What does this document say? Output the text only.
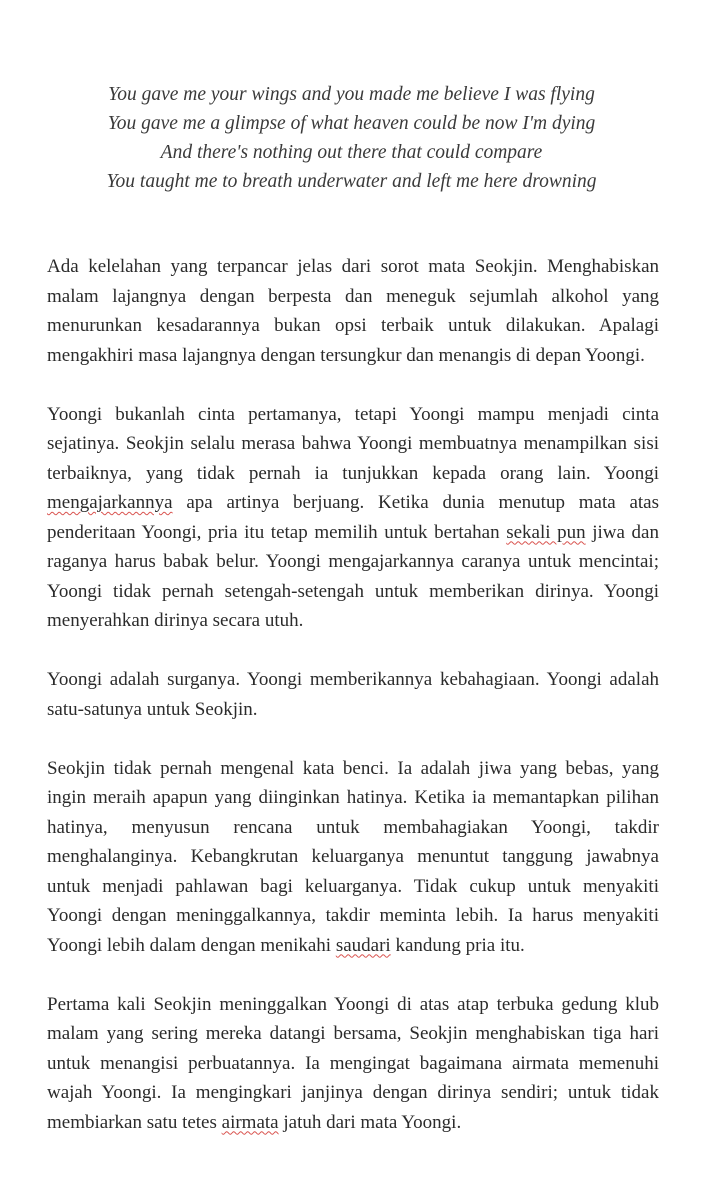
You gave me your wings and you made me believe I was flying
You gave me a glimpse of what heaven could be now I'm dying
And there's nothing out there that could compare
You taught me to breath underwater and left me here drowning

Ada kelelahan yang terpancar jelas dari sorot mata Seokjin. Menghabiskan malam lajangnya dengan berpesta dan meneguk sejumlah alkohol yang menurunkan kesadarannya bukan opsi terbaik untuk dilakukan. Apalagi mengakhiri masa lajangnya dengan tersungkur dan menangis di depan Yoongi.

Yoongi bukanlah cinta pertamanya, tetapi Yoongi mampu menjadi cinta sejatinya. Seokjin selalu merasa bahwa Yoongi membuatnya menampilkan sisi terbaiknya, yang tidak pernah ia tunjukkan kepada orang lain. Yoongi mengajarkannya apa artinya berjuang. Ketika dunia menutup mata atas penderitaan Yoongi, pria itu tetap memilih untuk bertahan sekali pun jiwa dan raganya harus babak belur. Yoongi mengajarkannya caranya untuk mencintai; Yoongi tidak pernah setengah-setengah untuk memberikan dirinya. Yoongi menyerahkan dirinya secara utuh.

Yoongi adalah surganya. Yoongi memberikannya kebahagiaan. Yoongi adalah satu-satunya untuk Seokjin.

Seokjin tidak pernah mengenal kata benci. Ia adalah jiwa yang bebas, yang ingin meraih apapun yang diinginkan hatinya. Ketika ia memantapkan pilihan hatinya, menyusun rencana untuk membahagiakan Yoongi, takdir menghalanginya. Kebangkrutan keluarganya menuntut tanggung jawabnya untuk menjadi pahlawan bagi keluarganya. Tidak cukup untuk menyakiti Yoongi dengan meninggalkannya, takdir meminta lebih. Ia harus menyakiti Yoongi lebih dalam dengan menikahi saudari kandung pria itu.

Pertama kali Seokjin meninggalkan Yoongi di atas atap terbuka gedung klub malam yang sering mereka datangi bersama, Seokjin menghabiskan tiga hari untuk menangisi perbuatannya. Ia mengingat bagaimana airmata memenuhi wajah Yoongi. Ia mengingkari janjinya dengan dirinya sendiri; untuk tidak membiarkan satu tetes airmata jatuh dari mata Yoongi.
